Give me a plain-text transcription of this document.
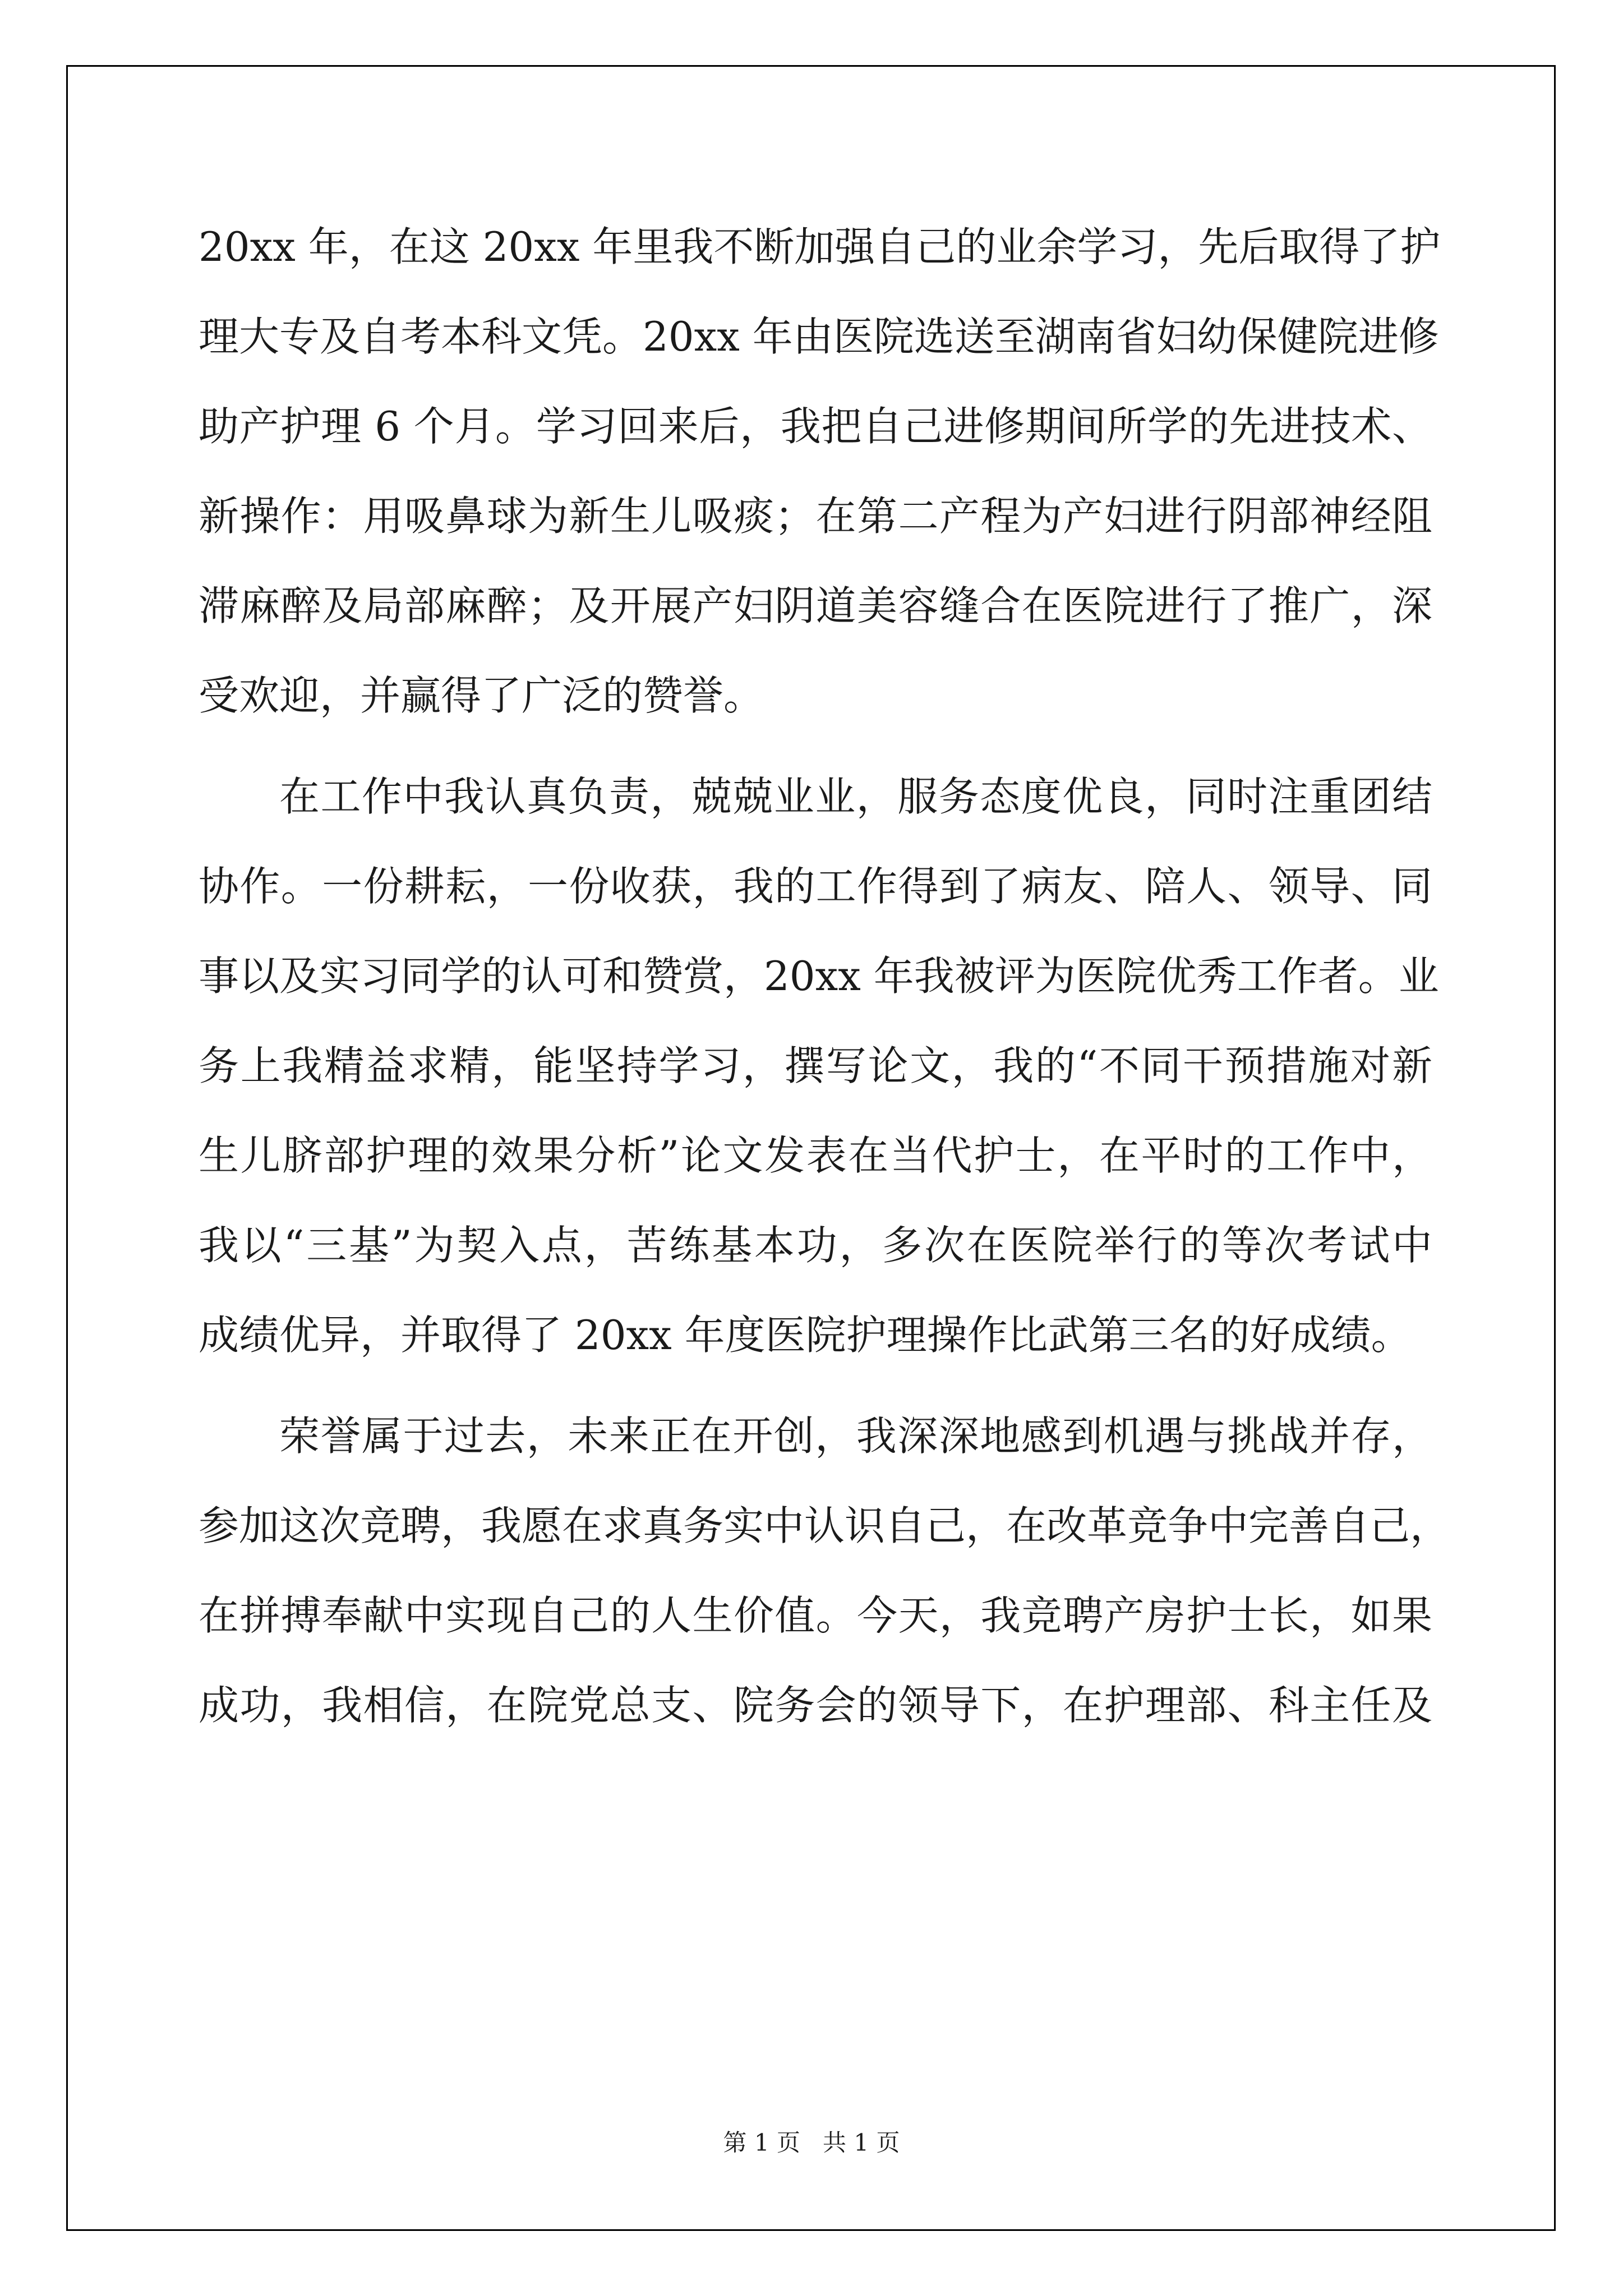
20xx 年，在这 20xx 年里我不断加强自己的业余学习，先后取得了护
理大专及自考本科文凭。20xx 年由医院选送至湖南省妇幼保健院进修
助产护理 6 个月。学习回来后，我把自己进修期间所学的先进技术、
新操作：用吸鼻球为新生儿吸痰；在第二产程为产妇进行阴部神经阻
滞麻醉及局部麻醉；及开展产妇阴道美容缝合在医院进行了推广，深
受欢迎，并赢得了广泛的赞誉。
在工作中我认真负责，兢兢业业，服务态度优良，同时注重团结
协作。一份耕耘，一份收获，我的工作得到了病友、陪人、领导、同
事以及实习同学的认可和赞赏，20xx 年我被评为医院优秀工作者。业
务上我精益求精，能坚持学习，撰写论文，我的“不同干预措施对新
生儿脐部护理的效果分析”论文发表在当代护士，在平时的工作中，
我以“三基”为契入点，苦练基本功，多次在医院举行的等次考试中
成绩优异，并取得了 20xx 年度医院护理操作比武第三名的好成绩。
荣誉属于过去，未来正在开创，我深深地感到机遇与挑战并存，
参加这次竞聘，我愿在求真务实中认识自己，在改革竞争中完善自己，
在拼搏奉献中实现自己的人生价值。今天，我竞聘产房护士长，如果
成功，我相信，在院党总支、院务会的领导下，在护理部、科主任及
第 1 页   共 1 页
